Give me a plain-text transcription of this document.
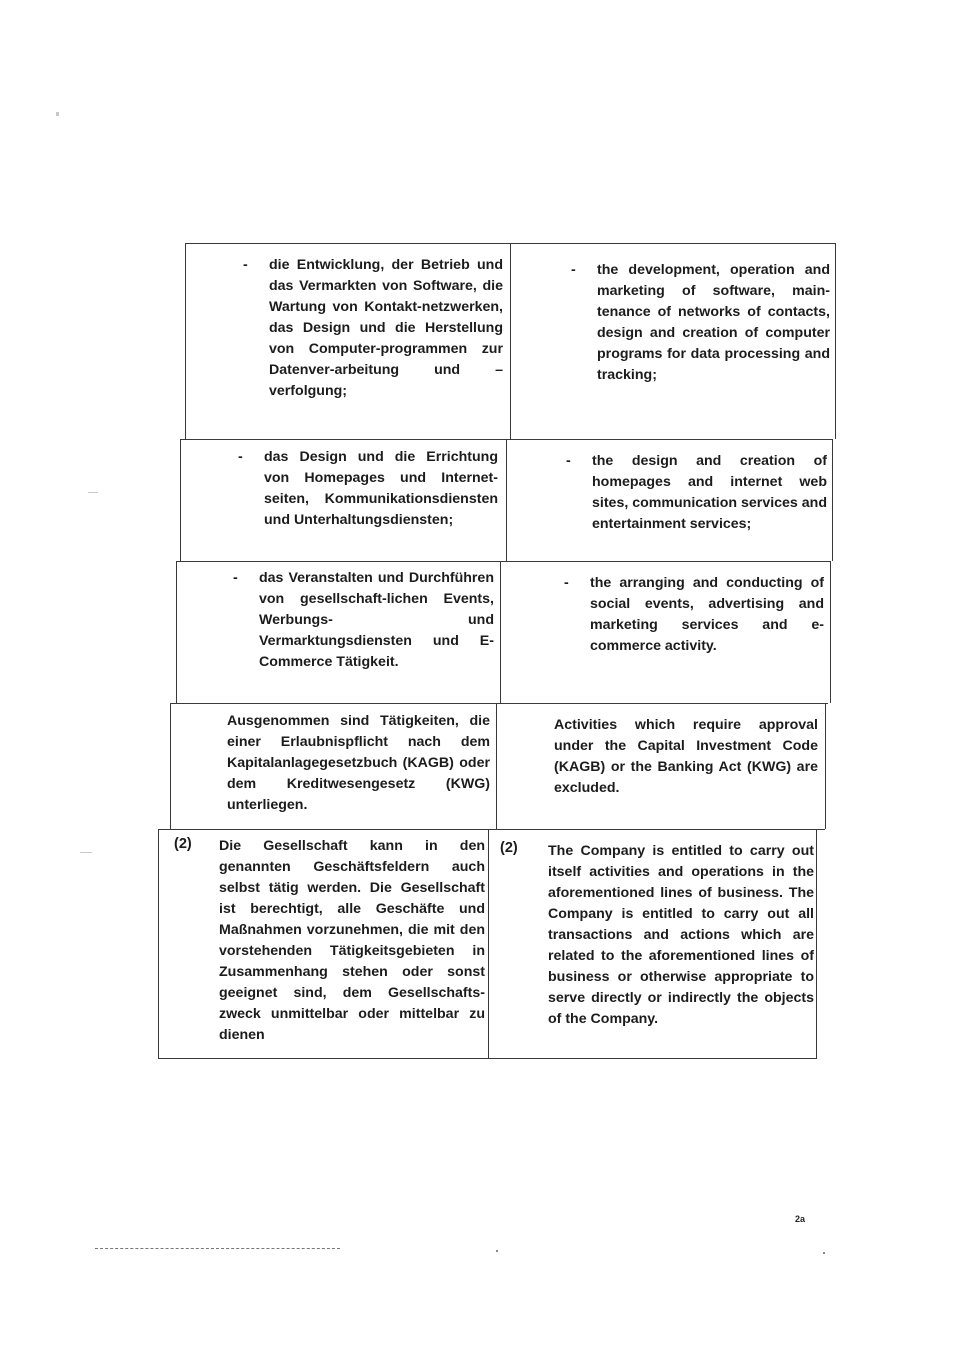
- die Entwicklung, der Betrieb und das Vermarkten von Software, die Wartung von Kontakt-netzwerken, das Design und die Herstellung von Computer-programmen zur Datenver-arbeitung und –verfolgung;
- the development, operation and marketing of software, main-tenance of networks of contacts, design and creation of computer programs for data processing and tracking;
- das Design und die Errichtung von Homepages und Internet-seiten, Kommunikationsdiensten und Unterhaltungsdiensten;
- the design and creation of homepages and internet web sites, communication services and entertainment services;
- das Veranstalten und Durchführen von gesellschaft-lichen Events, Werbungs- und Vermarktungsdiensten und E-Commerce Tätigkeit.
- the arranging and conducting of social events, advertising and marketing services and e-commerce activity.
Ausgenommen sind Tätigkeiten, die einer Erlaubnispflicht nach dem Kapitalanlagegesetzbuch (KAGB) oder dem Kreditwesengesetz (KWG) unterliegen.
Activities which require approval under the Capital Investment Code (KAGB) or the Banking Act (KWG) are excluded.
(2) Die Gesellschaft kann in den genannten Geschäftsfeldern auch selbst tätig werden. Die Gesellschaft ist berechtigt, alle Geschäfte und Maßnahmen vorzunehmen, die mit den vorstehenden Tätigkeitsgebieten in Zusammenhang stehen oder sonst geeignet sind, dem Gesellschafts-zweck unmittelbar oder mittelbar zu dienen
(2) The Company is entitled to carry out itself activities and operations in the aforementioned lines of business. The Company is entitled to carry out all transactions and actions which are related to the aforementioned lines of business or otherwise appropriate to serve directly or indirectly the objects of the Company.
2a
